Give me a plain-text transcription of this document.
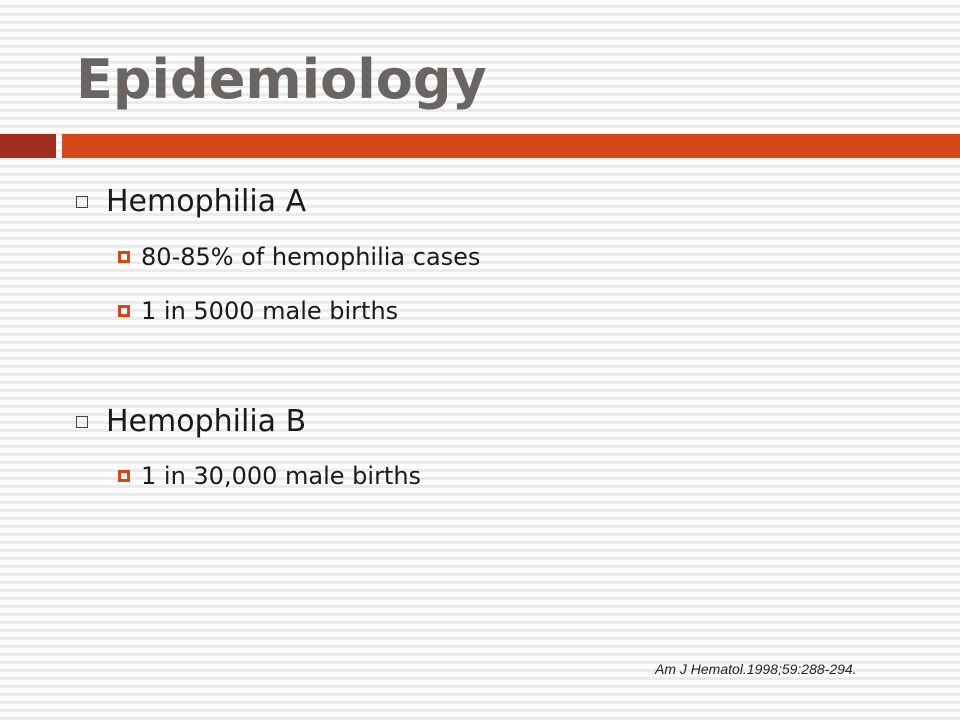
Epidemiology
Hemophilia A
80-85% of hemophilia cases
1 in 5000 male births
Hemophilia B
1 in 30,000 male births
Am J Hematol.1998;59:288-294.
